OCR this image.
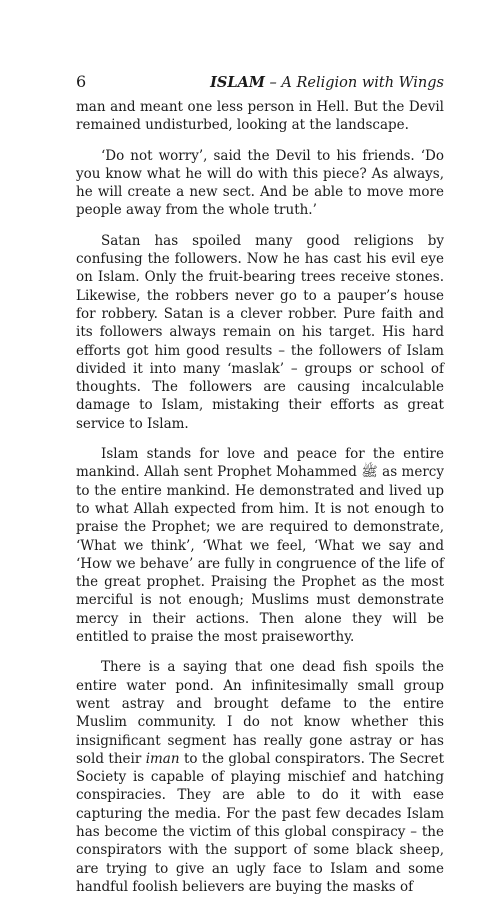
6	ISLAM – A Religion with Wings

man and meant one less person in Hell. But the Devil remained undisturbed, looking at the landscape.

‘Do not worry’, said the Devil to his friends. ‘Do you know what he will do with this piece? As always, he will create a new sect. And be able to move more people away from the whole truth.’

Satan has spoiled many good religions by confusing the followers. Now he has cast his evil eye on Islam. Only the fruit-bearing trees receive stones. Likewise, the robbers never go to a pauper’s house for robbery. Satan is a clever robber. Pure faith and its followers always remain on his target. His hard efforts got him good results – the followers of Islam divided it into many ‘maslak’ – groups or school of thoughts. The followers are causing incalculable damage to Islam, mistaking their efforts as great service to Islam.

Islam stands for love and peace for the entire mankind. Allah sent Prophet Mohammed ﷺ as mercy to the entire mankind. He demonstrated and lived up to what Allah expected from him. It is not enough to praise the Prophet; we are required to demonstrate, ‘What we think’, ‘What we feel, ‘What we say and ‘How we behave’ are fully in congruence of the life of the great prophet. Praising the Prophet as the most merciful is not enough; Muslims must demonstrate mercy in their actions. Then alone they will be entitled to praise the most praiseworthy.

There is a saying that one dead fish spoils the entire water pond. An infinitesimally small group went astray and brought defame to the entire Muslim community. I do not know whether this insignificant segment has really gone astray or has sold their iman to the global conspirators. The Secret Society is capable of playing mischief and hatching conspiracies. They are able to do it with ease capturing the media. For the past few decades Islam has become the victim of this global conspiracy – the conspirators with the support of some black sheep, are trying to give an ugly face to Islam and some handful foolish believers are buying the masks of
